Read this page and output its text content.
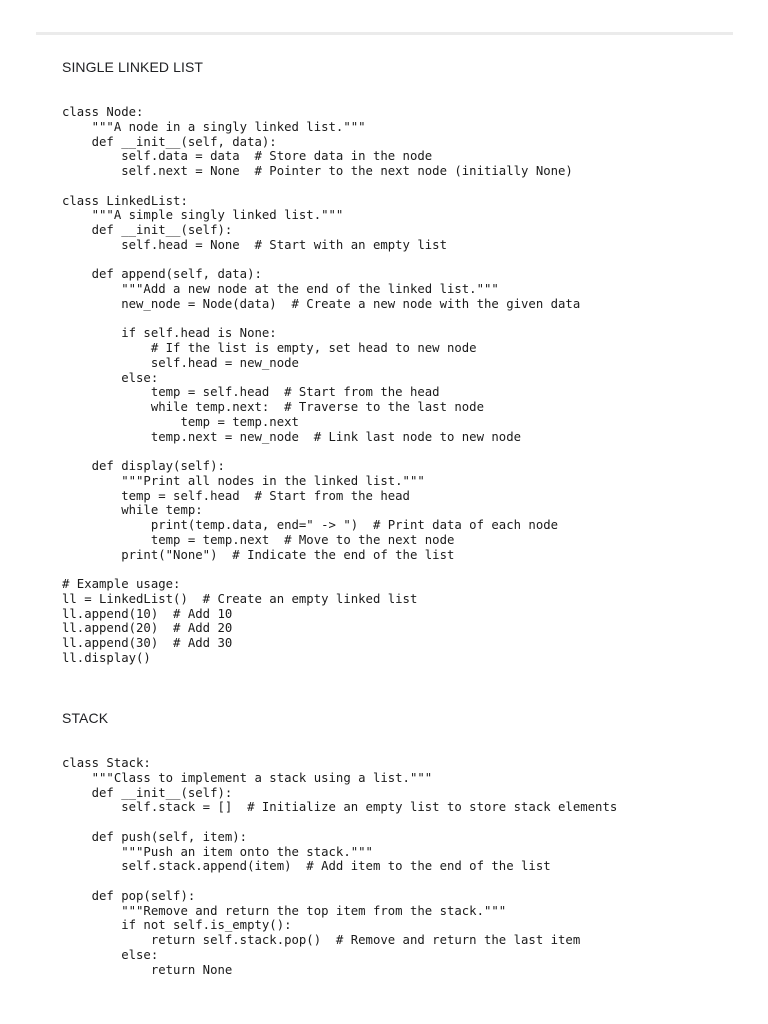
SINGLE LINKED LIST
class Node:
"""A node in a singly linked list."""
def __init__(self, data):
self.data = data  # Store data in the node
self.next = None  # Pointer to the next node (initially None)
class LinkedList:
"""A simple singly linked list."""
def __init__(self):
self.head = None  # Start with an empty list
def append(self, data):
"""Add a new node at the end of the linked list."""
new_node = Node(data)  # Create a new node with the given data
if self.head is None:
# If the list is empty, set head to new node
self.head = new_node
else:
temp = self.head  # Start from the head
while temp.next:  # Traverse to the last node
temp = temp.next
temp.next = new_node  # Link last node to new node
def display(self):
"""Print all nodes in the linked list."""
temp = self.head  # Start from the head
while temp:
print(temp.data, end=" -> ")  # Print data of each node
temp = temp.next  # Move to the next node
print("None")  # Indicate the end of the list
# Example usage:
ll = LinkedList()  # Create an empty linked list
ll.append(10)  # Add 10
ll.append(20)  # Add 20
ll.append(30)  # Add 30
ll.display()
STACK
class Stack:
"""Class to implement a stack using a list."""
def __init__(self):
self.stack = []  # Initialize an empty list to store stack elements
def push(self, item):
"""Push an item onto the stack."""
self.stack.append(item)  # Add item to the end of the list
def pop(self):
"""Remove and return the top item from the stack."""
if not self.is_empty():
return self.stack.pop()  # Remove and return the last item
else:
return None
